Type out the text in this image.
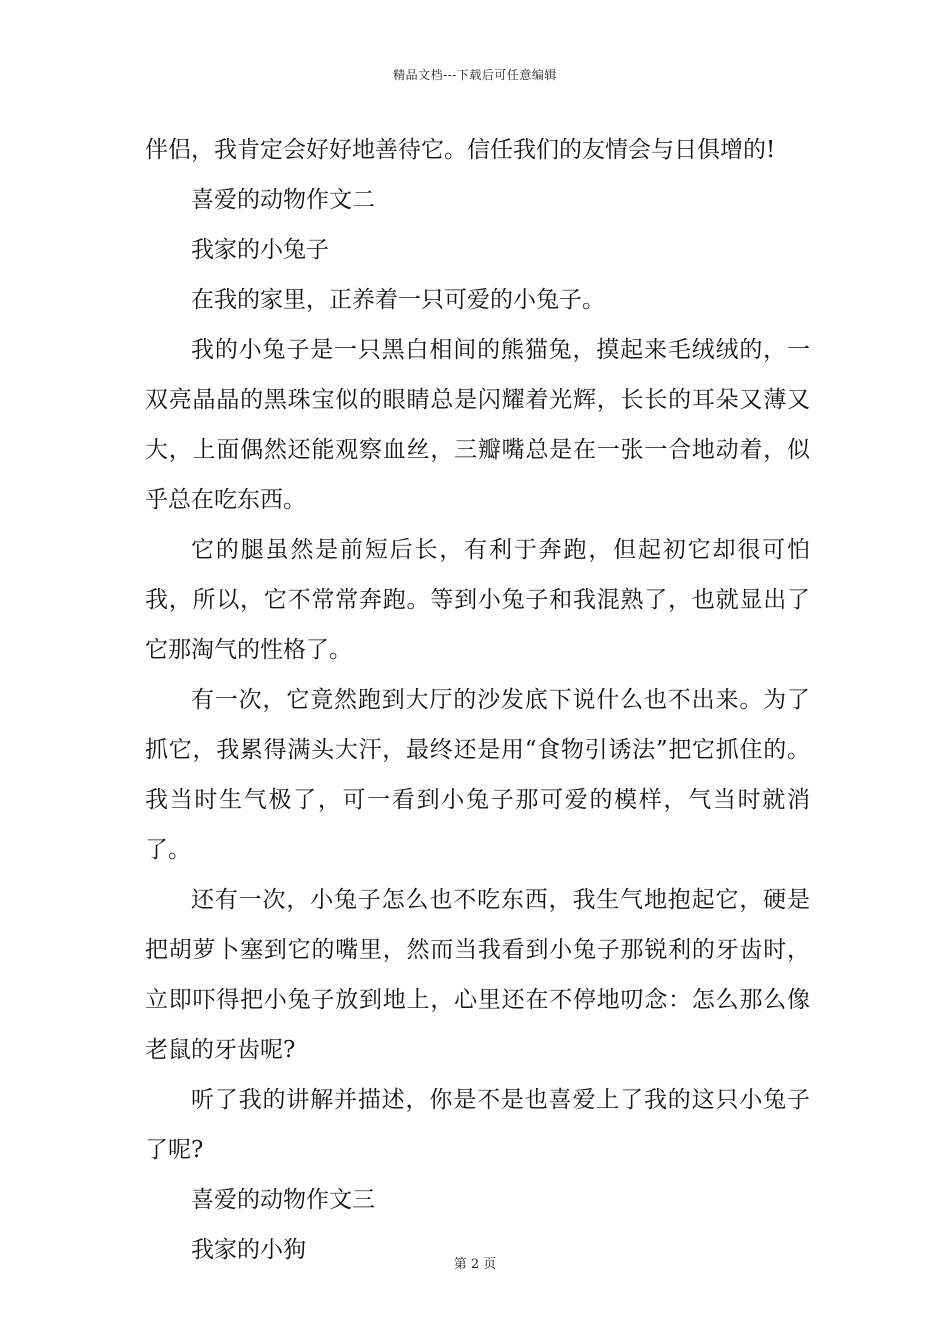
精品文档---下载后可任意编辑

伴侣，我肯定会好好地善待它。信任我们的友情会与日俱增的!

喜爱的动物作文二

我家的小兔子

在我的家里，正养着一只可爱的小兔子。

我的小兔子是一只黑白相间的熊猫兔，摸起来毛绒绒的，一双亮晶晶的黑珠宝似的眼睛总是闪耀着光辉，长长的耳朵又薄又大，上面偶然还能观察血丝，三瓣嘴总是在一张一合地动着，似乎总在吃东西。

它的腿虽然是前短后长，有利于奔跑，但起初它却很可怕我，所以，它不常常奔跑。等到小兔子和我混熟了，也就显出了它那淘气的性格了。

有一次，它竟然跑到大厅的沙发底下说什么也不出来。为了抓它，我累得满头大汗，最终还是用“食物引诱法”把它抓住的。我当时生气极了，可一看到小兔子那可爱的模样，气当时就消了。

还有一次，小兔子怎么也不吃东西，我生气地抱起它，硬是把胡萝卜塞到它的嘴里，然而当我看到小兔子那锐利的牙齿时，立即吓得把小兔子放到地上，心里还在不停地叨念：怎么那么像老鼠的牙齿呢?

听了我的讲解并描述，你是不是也喜爱上了我的这只小兔子了呢?

喜爱的动物作文三

我家的小狗

第 2 页
